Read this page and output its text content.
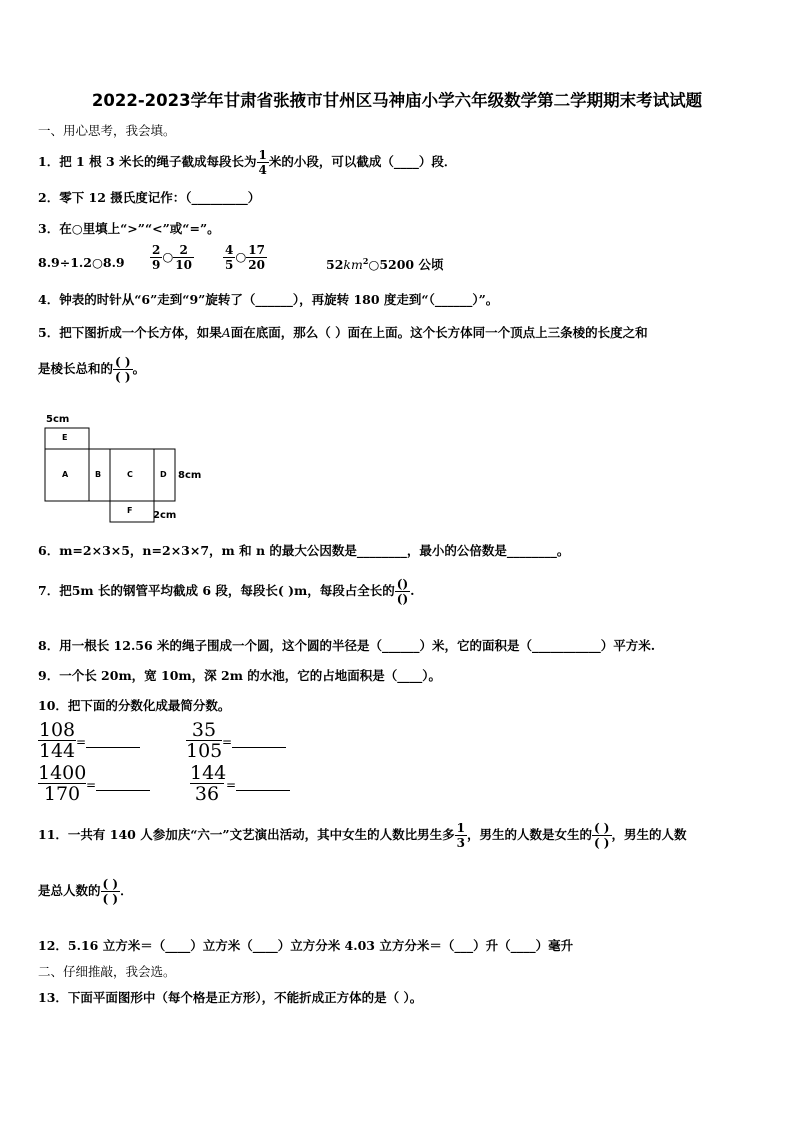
2022-2023学年甘肃省张掖市甘州区马神庙小学六年级数学第二学期期末考试试题
一、用心思考，我会填。
1．把 1 根 3 米长的绳子截成每段长为 $\frac{1}{4}$ 米的小段，可以截成（____）段．
2．零下 12 摄氏度记作：（_________）
3．在○里填上“>”“<”或“=”。
8.9÷1.2○8.9 $\frac{2}{9}$ ○ $\frac{2}{10} \frac{4}{5}$ ○ $\frac{17}{20}$	$52km^2○5200$ 公顷
4．钟表的时针从“6”走到“9”旋转了（______），再旋转 180 度走到“（______）”。
5．把下图折成一个长方体，如果A面在底面，那么（ ）面在上面。这个长方体同一个顶点上三条棱的长度之和
是棱长总和的 $\frac{( )}{( )}$ 。
5cm
8cm
2cm
E
A	B	C	D
F
6．m=2×3×5，n=2×3×7，m 和 n 的最大公因数是________，最小的公倍数是________。
7．把5m 长的钢管平均截成 6 段，每段长( )m，每段占全长的 $\frac{()}{()}$ .
8．用一根长 12.56 米的绳子围成一个圆，这个圆的半径是（______）米，它的面积是（___________）平方米.
9．一个长 20m，宽 10m，深 2m 的水池，它的占地面积是（____）。
10．把下面的分数化成最简分数。
108
144 =
35
105 =
1400
170 =
144
36 =
11．一共有 140 人参加庆“六一”文艺演出活动，其中女生的人数比男生多 $\frac{1}{3}$ ，男生的人数是女生的 $\frac{( )}{( )}$ ，男生的人数
是总人数的 $\frac{( )}{( )}$ ．
12．5.16 立方米＝（____）立方米（____）立方分米 4.03 立方分米＝（___）升（____）毫升
二、仔细推敲，我会选。
13．下面平面图形中（每个格是正方形），不能折成正方体的是（ ）。
